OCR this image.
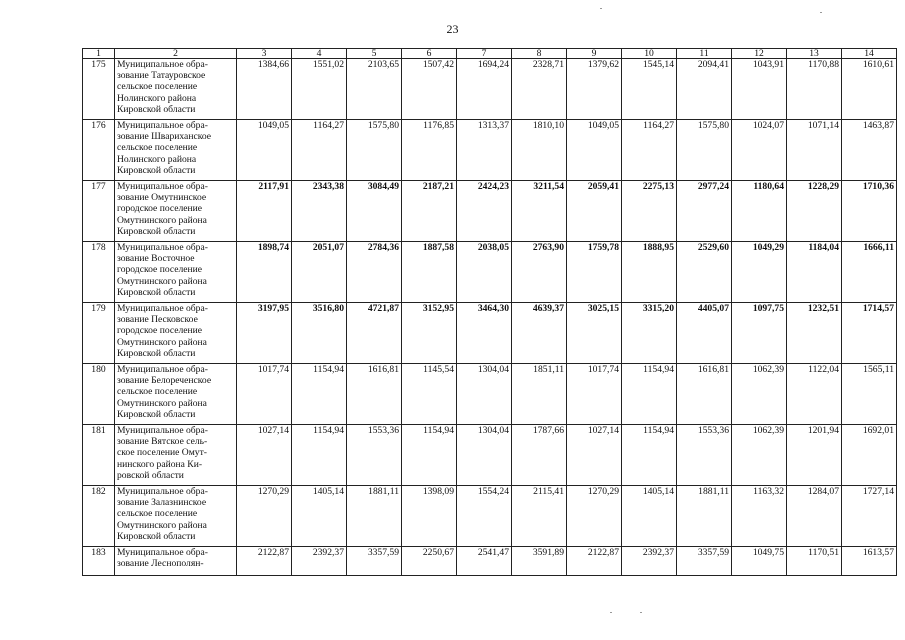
23
1	2	3	4	5	6	7	8	9	10	11	12	13	14
175	Муниципальное обра-
зование Татауровское
сельское поселение
Нолинского района
Кировской области	1384,66	1551,02	2103,65	1507,42	1694,24	2328,71	1379,62	1545,14	2094,41	1043,91	1170,88	1610,61
176	Муниципальное обра-
зование Швариханское
сельское поселение
Нолинского района
Кировской области	1049,05	1164,27	1575,80	1176,85	1313,37	1810,10	1049,05	1164,27	1575,80	1024,07	1071,14	1463,87
177	Муниципальное обра-
зование Омутнинское
городское поселение
Омутнинского района
Кировской области	2117,91	2343,38	3084,49	2187,21	2424,23	3211,54	2059,41	2275,13	2977,24	1180,64	1228,29	1710,36
178	Муниципальное обра-
зование Восточное
городское поселение
Омутнинского района
Кировской области	1898,74	2051,07	2784,36	1887,58	2038,05	2763,90	1759,78	1888,95	2529,60	1049,29	1184,04	1666,11
179	Муниципальное обра-
зование Песковское
городское поселение
Омутнинского района
Кировской области	3197,95	3516,80	4721,87	3152,95	3464,30	4639,37	3025,15	3315,20	4405,07	1097,75	1232,51	1714,57
180	Муниципальное обра-
зование Белореченское
сельское поселение
Омутнинского района
Кировской области	1017,74	1154,94	1616,81	1145,54	1304,04	1851,11	1017,74	1154,94	1616,81	1062,39	1122,04	1565,11
181	Муниципальное обра-
зование Вятское сель-
ское поселение Омут-
нинского района Ки-
ровской области	1027,14	1154,94	1553,36	1154,94	1304,04	1787,66	1027,14	1154,94	1553,36	1062,39	1201,94	1692,01
182	Муниципальное обра-
зование Залазнинское
сельское поселение
Омутнинского района
Кировской области	1270,29	1405,14	1881,11	1398,09	1554,24	2115,41	1270,29	1405,14	1881,11	1163,32	1284,07	1727,14
183	Муниципальное обра-
зование Леснополян-	2122,87	2392,37	3357,59	2250,67	2541,47	3591,89	2122,87	2392,37	3357,59	1049,75	1170,51	1613,57
